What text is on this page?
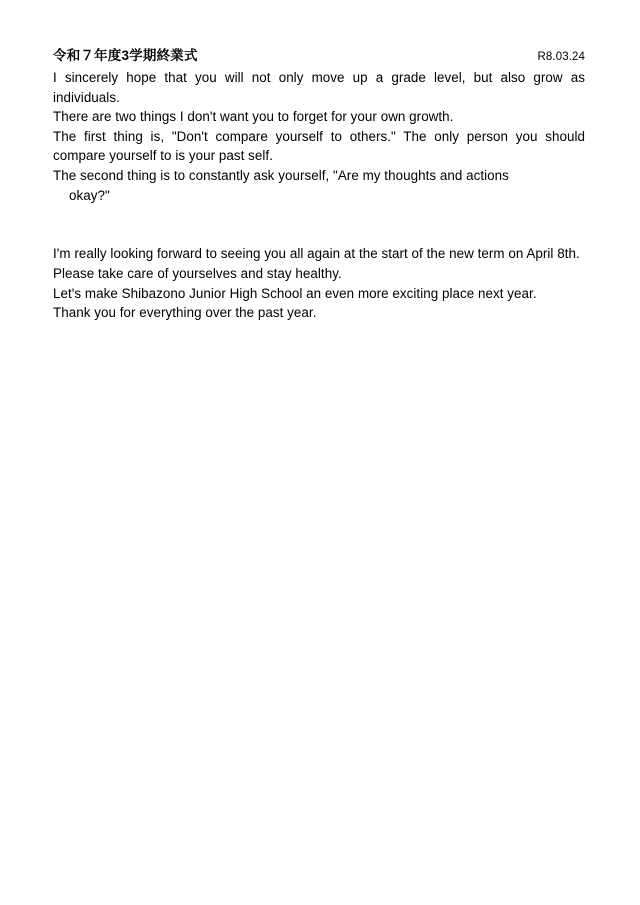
令和７年度3学期終業式	R8.03.24

I sincerely hope that you will not only move up a grade level, but also grow as individuals.

There are two things I don't want you to forget for your own growth.

The first thing is, "Don't compare yourself to others." The only person you should compare yourself to is your past self.

The second thing is to constantly ask yourself, "Are my thoughts and actions

okay?"

I'm really looking forward to seeing you all again at the start of the new term on April 8th.

Please take care of yourselves and stay healthy.

Let's make Shibazono Junior High School an even more exciting place next year.

Thank you for everything over the past year.
